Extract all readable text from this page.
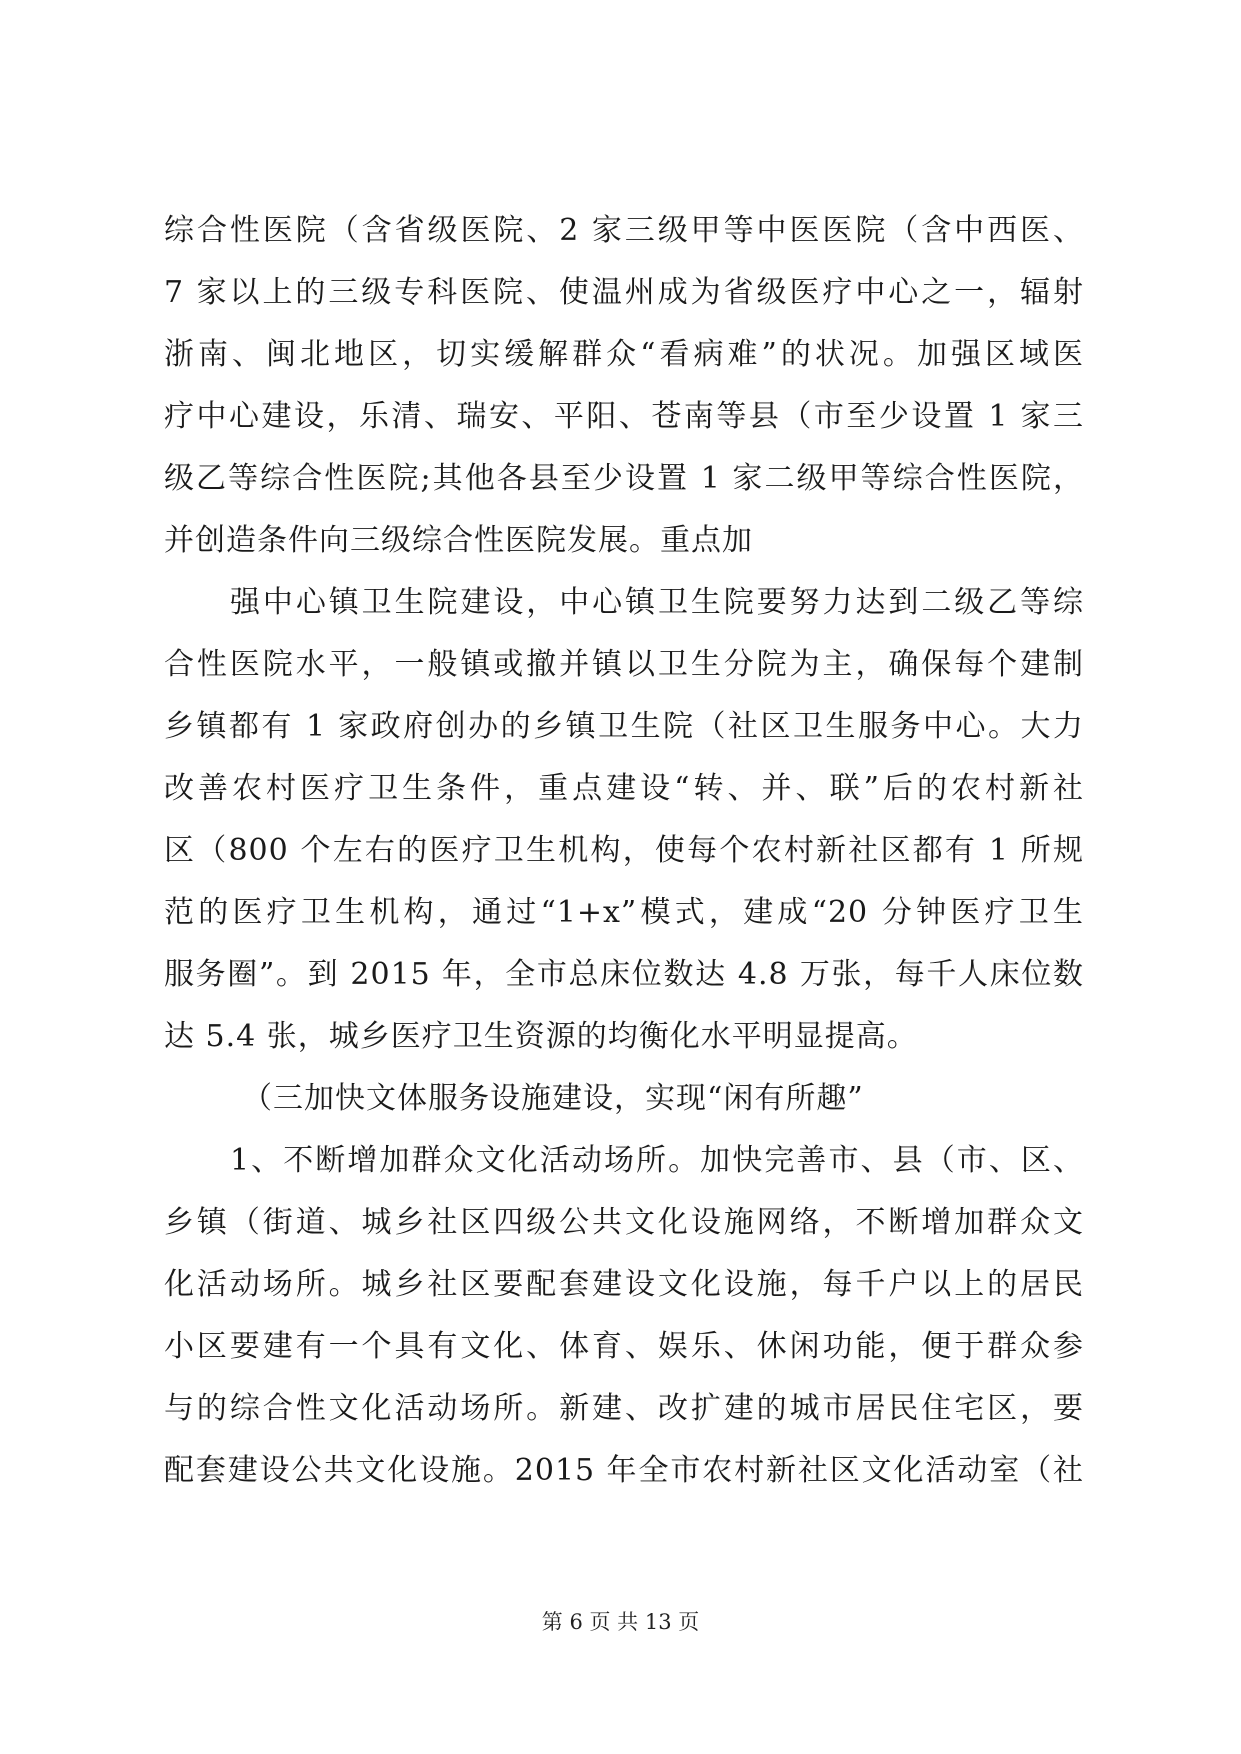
综合性医院（含省级医院、2 家三级甲等中医医院（含中西医、
7 家以上的三级专科医院、使温州成为省级医疗中心之一，辐射
浙南、闽北地区，切实缓解群众“看病难”的状况。加强区域医
疗中心建设，乐清、瑞安、平阳、苍南等县（市至少设置 1 家三
级乙等综合性医院;其他各县至少设置 1 家二级甲等综合性医院，
并创造条件向三级综合性医院发展。重点加
强中心镇卫生院建设，中心镇卫生院要努力达到二级乙等综
合性医院水平，一般镇或撤并镇以卫生分院为主，确保每个建制
乡镇都有 1 家政府创办的乡镇卫生院（社区卫生服务中心。大力
改善农村医疗卫生条件，重点建设“转、并、联”后的农村新社
区（800 个左右的医疗卫生机构，使每个农村新社区都有 1 所规
范的医疗卫生机构，通过“1+x”模式，建成“20 分钟医疗卫生
服务圈”。到 2015 年，全市总床位数达 4.8 万张，每千人床位数
达 5.4 张，城乡医疗卫生资源的均衡化水平明显提高。
（三加快文体服务设施建设，实现“闲有所趣”
1、不断增加群众文化活动场所。加快完善市、县（市、区、
乡镇（街道、城乡社区四级公共文化设施网络，不断增加群众文
化活动场所。城乡社区要配套建设文化设施，每千户以上的居民
小区要建有一个具有文化、体育、娱乐、休闲功能，便于群众参
与的综合性文化活动场所。新建、改扩建的城市居民住宅区，要
配套建设公共文化设施。2015 年全市农村新社区文化活动室（社
第 6 页 共 13 页
